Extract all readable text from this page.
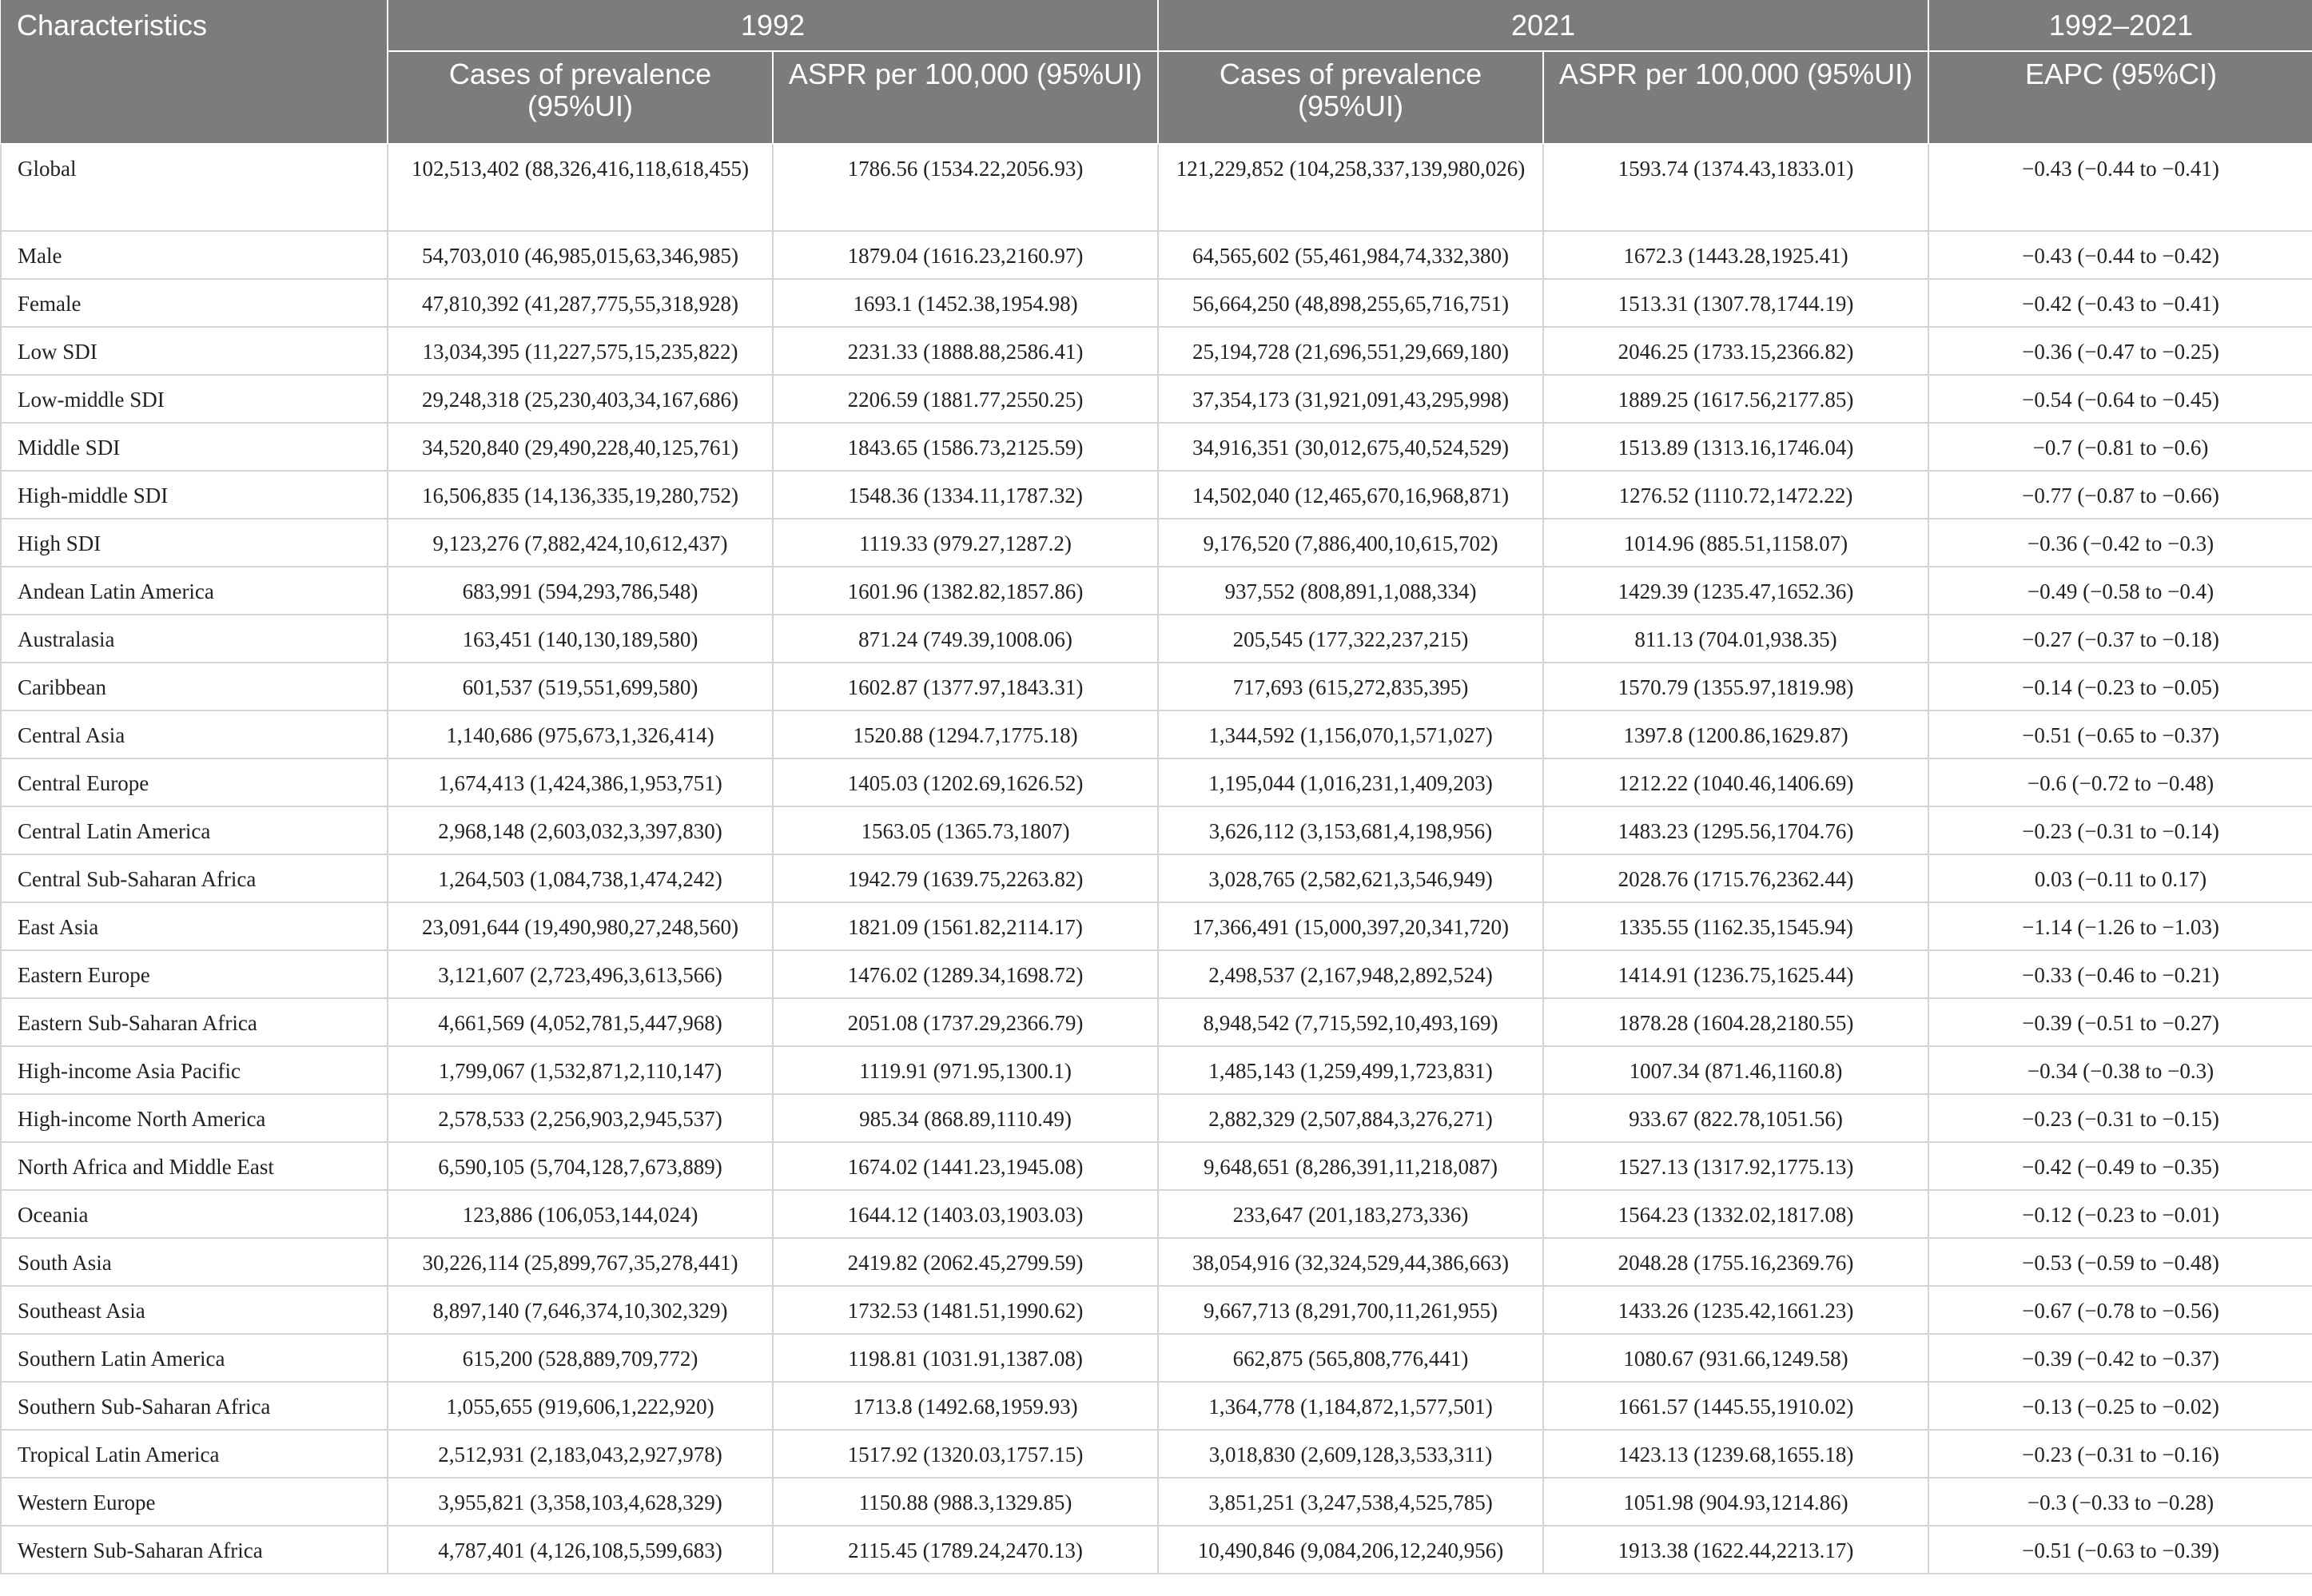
Characteristics	1992		2021		1992–2021
	Cases of prevalence (95%UI)	ASPR per 100,000 (95%UI)	Cases of prevalence (95%UI)	ASPR per 100,000 (95%UI)	EAPC (95%CI)
Global	102,513,402 (88,326,416,118,618,455)	1786.56 (1534.22,2056.93)	121,229,852 (104,258,337,139,980,026)	1593.74 (1374.43,1833.01)	−0.43 (−0.44 to −0.41)
Male	54,703,010 (46,985,015,63,346,985)	1879.04 (1616.23,2160.97)	64,565,602 (55,461,984,74,332,380)	1672.3 (1443.28,1925.41)	−0.43 (−0.44 to −0.42)
Female	47,810,392 (41,287,775,55,318,928)	1693.1 (1452.38,1954.98)	56,664,250 (48,898,255,65,716,751)	1513.31 (1307.78,1744.19)	−0.42 (−0.43 to −0.41)
Low SDI	13,034,395 (11,227,575,15,235,822)	2231.33 (1888.88,2586.41)	25,194,728 (21,696,551,29,669,180)	2046.25 (1733.15,2366.82)	−0.36 (−0.47 to −0.25)
Low-middle SDI	29,248,318 (25,230,403,34,167,686)	2206.59 (1881.77,2550.25)	37,354,173 (31,921,091,43,295,998)	1889.25 (1617.56,2177.85)	−0.54 (−0.64 to −0.45)
Middle SDI	34,520,840 (29,490,228,40,125,761)	1843.65 (1586.73,2125.59)	34,916,351 (30,012,675,40,524,529)	1513.89 (1313.16,1746.04)	−0.7 (−0.81 to −0.6)
High-middle SDI	16,506,835 (14,136,335,19,280,752)	1548.36 (1334.11,1787.32)	14,502,040 (12,465,670,16,968,871)	1276.52 (1110.72,1472.22)	−0.77 (−0.87 to −0.66)
High SDI	9,123,276 (7,882,424,10,612,437)	1119.33 (979.27,1287.2)	9,176,520 (7,886,400,10,615,702)	1014.96 (885.51,1158.07)	−0.36 (−0.42 to −0.3)
Andean Latin America	683,991 (594,293,786,548)	1601.96 (1382.82,1857.86)	937,552 (808,891,1,088,334)	1429.39 (1235.47,1652.36)	−0.49 (−0.58 to −0.4)
Australasia	163,451 (140,130,189,580)	871.24 (749.39,1008.06)	205,545 (177,322,237,215)	811.13 (704.01,938.35)	−0.27 (−0.37 to −0.18)
Caribbean	601,537 (519,551,699,580)	1602.87 (1377.97,1843.31)	717,693 (615,272,835,395)	1570.79 (1355.97,1819.98)	−0.14 (−0.23 to −0.05)
Central Asia	1,140,686 (975,673,1,326,414)	1520.88 (1294.7,1775.18)	1,344,592 (1,156,070,1,571,027)	1397.8 (1200.86,1629.87)	−0.51 (−0.65 to −0.37)
Central Europe	1,674,413 (1,424,386,1,953,751)	1405.03 (1202.69,1626.52)	1,195,044 (1,016,231,1,409,203)	1212.22 (1040.46,1406.69)	−0.6 (−0.72 to −0.48)
Central Latin America	2,968,148 (2,603,032,3,397,830)	1563.05 (1365.73,1807)	3,626,112 (3,153,681,4,198,956)	1483.23 (1295.56,1704.76)	−0.23 (−0.31 to −0.14)
Central Sub-Saharan Africa	1,264,503 (1,084,738,1,474,242)	1942.79 (1639.75,2263.82)	3,028,765 (2,582,621,3,546,949)	2028.76 (1715.76,2362.44)	0.03 (−0.11 to 0.17)
East Asia	23,091,644 (19,490,980,27,248,560)	1821.09 (1561.82,2114.17)	17,366,491 (15,000,397,20,341,720)	1335.55 (1162.35,1545.94)	−1.14 (−1.26 to −1.03)
Eastern Europe	3,121,607 (2,723,496,3,613,566)	1476.02 (1289.34,1698.72)	2,498,537 (2,167,948,2,892,524)	1414.91 (1236.75,1625.44)	−0.33 (−0.46 to −0.21)
Eastern Sub-Saharan Africa	4,661,569 (4,052,781,5,447,968)	2051.08 (1737.29,2366.79)	8,948,542 (7,715,592,10,493,169)	1878.28 (1604.28,2180.55)	−0.39 (−0.51 to −0.27)
High-income Asia Pacific	1,799,067 (1,532,871,2,110,147)	1119.91 (971.95,1300.1)	1,485,143 (1,259,499,1,723,831)	1007.34 (871.46,1160.8)	−0.34 (−0.38 to −0.3)
High-income North America	2,578,533 (2,256,903,2,945,537)	985.34 (868.89,1110.49)	2,882,329 (2,507,884,3,276,271)	933.67 (822.78,1051.56)	−0.23 (−0.31 to −0.15)
North Africa and Middle East	6,590,105 (5,704,128,7,673,889)	1674.02 (1441.23,1945.08)	9,648,651 (8,286,391,11,218,087)	1527.13 (1317.92,1775.13)	−0.42 (−0.49 to −0.35)
Oceania	123,886 (106,053,144,024)	1644.12 (1403.03,1903.03)	233,647 (201,183,273,336)	1564.23 (1332.02,1817.08)	−0.12 (−0.23 to −0.01)
South Asia	30,226,114 (25,899,767,35,278,441)	2419.82 (2062.45,2799.59)	38,054,916 (32,324,529,44,386,663)	2048.28 (1755.16,2369.76)	−0.53 (−0.59 to −0.48)
Southeast Asia	8,897,140 (7,646,374,10,302,329)	1732.53 (1481.51,1990.62)	9,667,713 (8,291,700,11,261,955)	1433.26 (1235.42,1661.23)	−0.67 (−0.78 to −0.56)
Southern Latin America	615,200 (528,889,709,772)	1198.81 (1031.91,1387.08)	662,875 (565,808,776,441)	1080.67 (931.66,1249.58)	−0.39 (−0.42 to −0.37)
Southern Sub-Saharan Africa	1,055,655 (919,606,1,222,920)	1713.8 (1492.68,1959.93)	1,364,778 (1,184,872,1,577,501)	1661.57 (1445.55,1910.02)	−0.13 (−0.25 to −0.02)
Tropical Latin America	2,512,931 (2,183,043,2,927,978)	1517.92 (1320.03,1757.15)	3,018,830 (2,609,128,3,533,311)	1423.13 (1239.68,1655.18)	−0.23 (−0.31 to −0.16)
Western Europe	3,955,821 (3,358,103,4,628,329)	1150.88 (988.3,1329.85)	3,851,251 (3,247,538,4,525,785)	1051.98 (904.93,1214.86)	−0.3 (−0.33 to −0.28)
Western Sub-Saharan Africa	4,787,401 (4,126,108,5,599,683)	2115.45 (1789.24,2470.13)	10,490,846 (9,084,206,12,240,956)	1913.38 (1622.44,2213.17)	−0.51 (−0.63 to −0.39)
